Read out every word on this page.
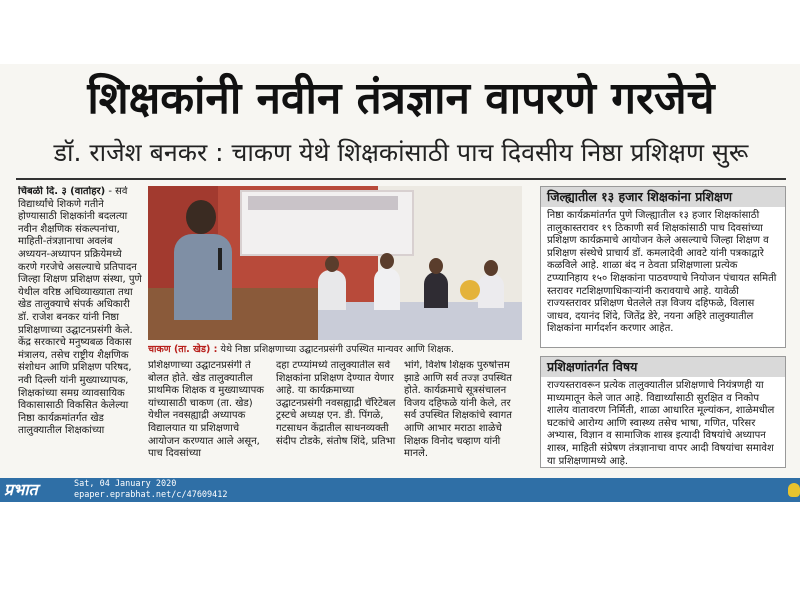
शिक्षकांनी नवीन तंत्रज्ञान वापरणे गरजेचे
डॉ. राजेश बनकर : चाकण येथे शिक्षकांसाठी पाच दिवसीय निष्ठा प्रशिक्षण सुरू
चिंबळी दि. ३ (वार्ताहर) - सर्व विद्यार्थ्यांचे शिकणे गतीने होण्यासाठी शिक्षकांनी बदलत्या नवीन शैक्षणिक संकल्पनांचा, माहिती-तंत्रज्ञानाचा अवलंब अध्ययन-अध्यापन प्रक्रियेमध्ये करणे गरजेचे असल्याचे प्रतिपादन जिल्हा शिक्षण प्रशिक्षण संस्था, पुणे येथील वरिष्ठ अधिव्याख्याता तथा खेड तालुक्याचे संपर्क अधिकारी डॉ. राजेश बनकर यांनी निष्ठा प्रशिक्षणाच्या उद्घाटनप्रसंगी केले. केंद्र सरकारचे मनुष्यबळ विकास मंत्रालय, तसेच राष्ट्रीय शैक्षणिक संशोधन आणि प्रशिक्षण परिषद, नवी दिल्ली यांनी मुख्याध्यापक, शिक्षकांच्या समग्र व्यावसायिक विकासासाठी विकसित केलेल्या निष्ठा कार्यक्रमांतर्गत खेड तालुक्यातील शिक्षकांच्या
चाकण (ता. खेड) : येथे निष्ठा प्रशिक्षणाच्या उद्घाटनप्रसंगी उपस्थित मान्यवर आणि शिक्षक.
प्रशिक्षणाच्या उद्घाटनप्रसंगी ते बोलत होते. खेड तालुक्यातील प्राथमिक शिक्षक व मुख्याध्यापक यांच्यासाठी चाकण (ता. खेड) येथील नवसह्याद्री अध्यापक विद्यालयात या प्रशिक्षणाचे आयोजन करण्यात आले असून, पाच दिवसांच्या
दहा टप्प्यांमध्ये तालुक्यातील सर्व शिक्षकांना प्रशिक्षण देण्यात येणार आहे. या कार्यक्रमाच्या उद्घाटनप्रसंगी नवसह्याद्री चॅरिटेबल ट्रस्टचे अध्यक्ष एन. डी. पिंगळे, गटसाधन केंद्रातील साधनव्यक्ती संदीप टोडके, संतोष शिंदे, प्रतिभा
भांगे, विशेष शिक्षक पुरुषोत्तम झाडे आणि सर्व तज्ज्ञ उपस्थित होते. कार्यक्रमाचे सूत्रसंचालन विजय दहिफळे यांनी केले, तर सर्व उपस्थित शिक्षकांचे स्वागत आणि आभार मराठा शाळेचे शिक्षक विनोद चव्हाण यांनी मानले.
जिल्ह्यातील १३ हजार शिक्षकांना प्रशिक्षण
निष्ठा कार्यक्रमांतर्गत पुणे जिल्ह्यातील १३ हजार शिक्षकांसाठी तालुकास्तरावर १९ ठिकाणी सर्व शिक्षकांसाठी पाच दिवसांच्या प्रशिक्षण कार्यक्रमाचे आयोजन केले असल्याचे जिल्हा शिक्षण व प्रशिक्षण संस्थेचे प्राचार्य डॉ. कमलादेवी आवटे यांनी पत्रकाद्वारे कळविले आहे. शाळा बंद न ठेवता प्रशिक्षणाला प्रत्येक टप्प्यानिहाय १५० शिक्षकांना पाठवण्याचे नियोजन पंचायत समिती स्तरावर गटशिक्षणाधिकाऱ्यांनी करावयाचे आहे. यावेळी राज्यस्तरावर प्रशिक्षण घेतलेले तज्ञ विजय दहिफळे, विलास जाधव, दयानंद शिंदे, जितेंद्र डेरे, नयना अहिरे तालुक्यातील शिक्षकांना मार्गदर्शन करणार आहेत.
प्रशिक्षणांतर्गत विषय
राज्यस्तरावरून प्रत्येक तालुक्यातील प्रशिक्षणाचे नियंत्रणही या माध्यमातून केले जात आहे. विद्यार्थ्यांसाठी सुरक्षित व निकोप शालेय वातावरण निर्मिती, शाळा आधारित मूल्यांकन, शाळेमधील घटकांचे आरोग्य आणि स्वास्थ्य तसेच भाषा, गणित, परिसर अभ्यास, विज्ञान व सामाजिक शास्त्र इत्यादी विषयांचे अध्यापन शास्त्र, माहिती संप्रेषण तंत्रज्ञानाचा वापर आदी विषयांचा समावेश या प्रशिक्षणामध्ये आहे.
प्रभात	Sat, 04 January 2020
epaper.eprabhat.net/c/47609412
